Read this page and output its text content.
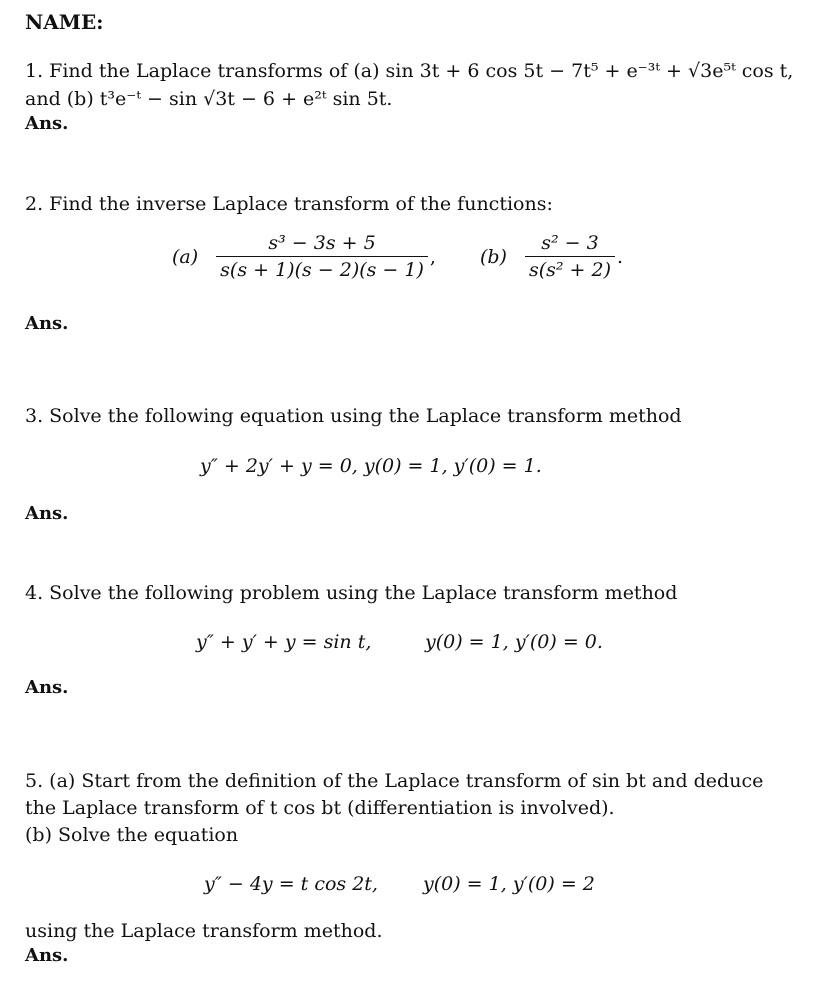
NAME:
1. Find the Laplace transforms of (a) sin 3t + 6 cos 5t − 7t⁵ + e⁻³ᵗ + √3e⁵ᵗ cos t,
and (b) t³e⁻ᵗ − sin √3t − 6 + e²ᵗ sin 5t.
Ans.
2. Find the inverse Laplace transform of the functions:
$(a) \frac{\text{s³ − 3s + 5}}{s(s + 1)(s - 2)(s - 1)}$ , $(b) \frac{\text{s² − 3}}{\text{s(s² + 2)}}$ .
Ans.
3. Solve the following equation using the Laplace transform method
y″ + 2y′ + y = 0, y(0) = 1, y′(0) = 1.
Ans.
4. Solve the following problem using the Laplace transform method
y″ + y′ + y = sin t,	y(0) = 1, y′(0) = 0.
Ans.
5. (a) Start from the definition of the Laplace transform of sin bt and deduce
the Laplace transform of t cos bt (differentiation is involved).
(b) Solve the equation
y″ − 4y = t cos 2t, y(0) = 1, y′(0) = 2
using the Laplace transform method.
Ans.
